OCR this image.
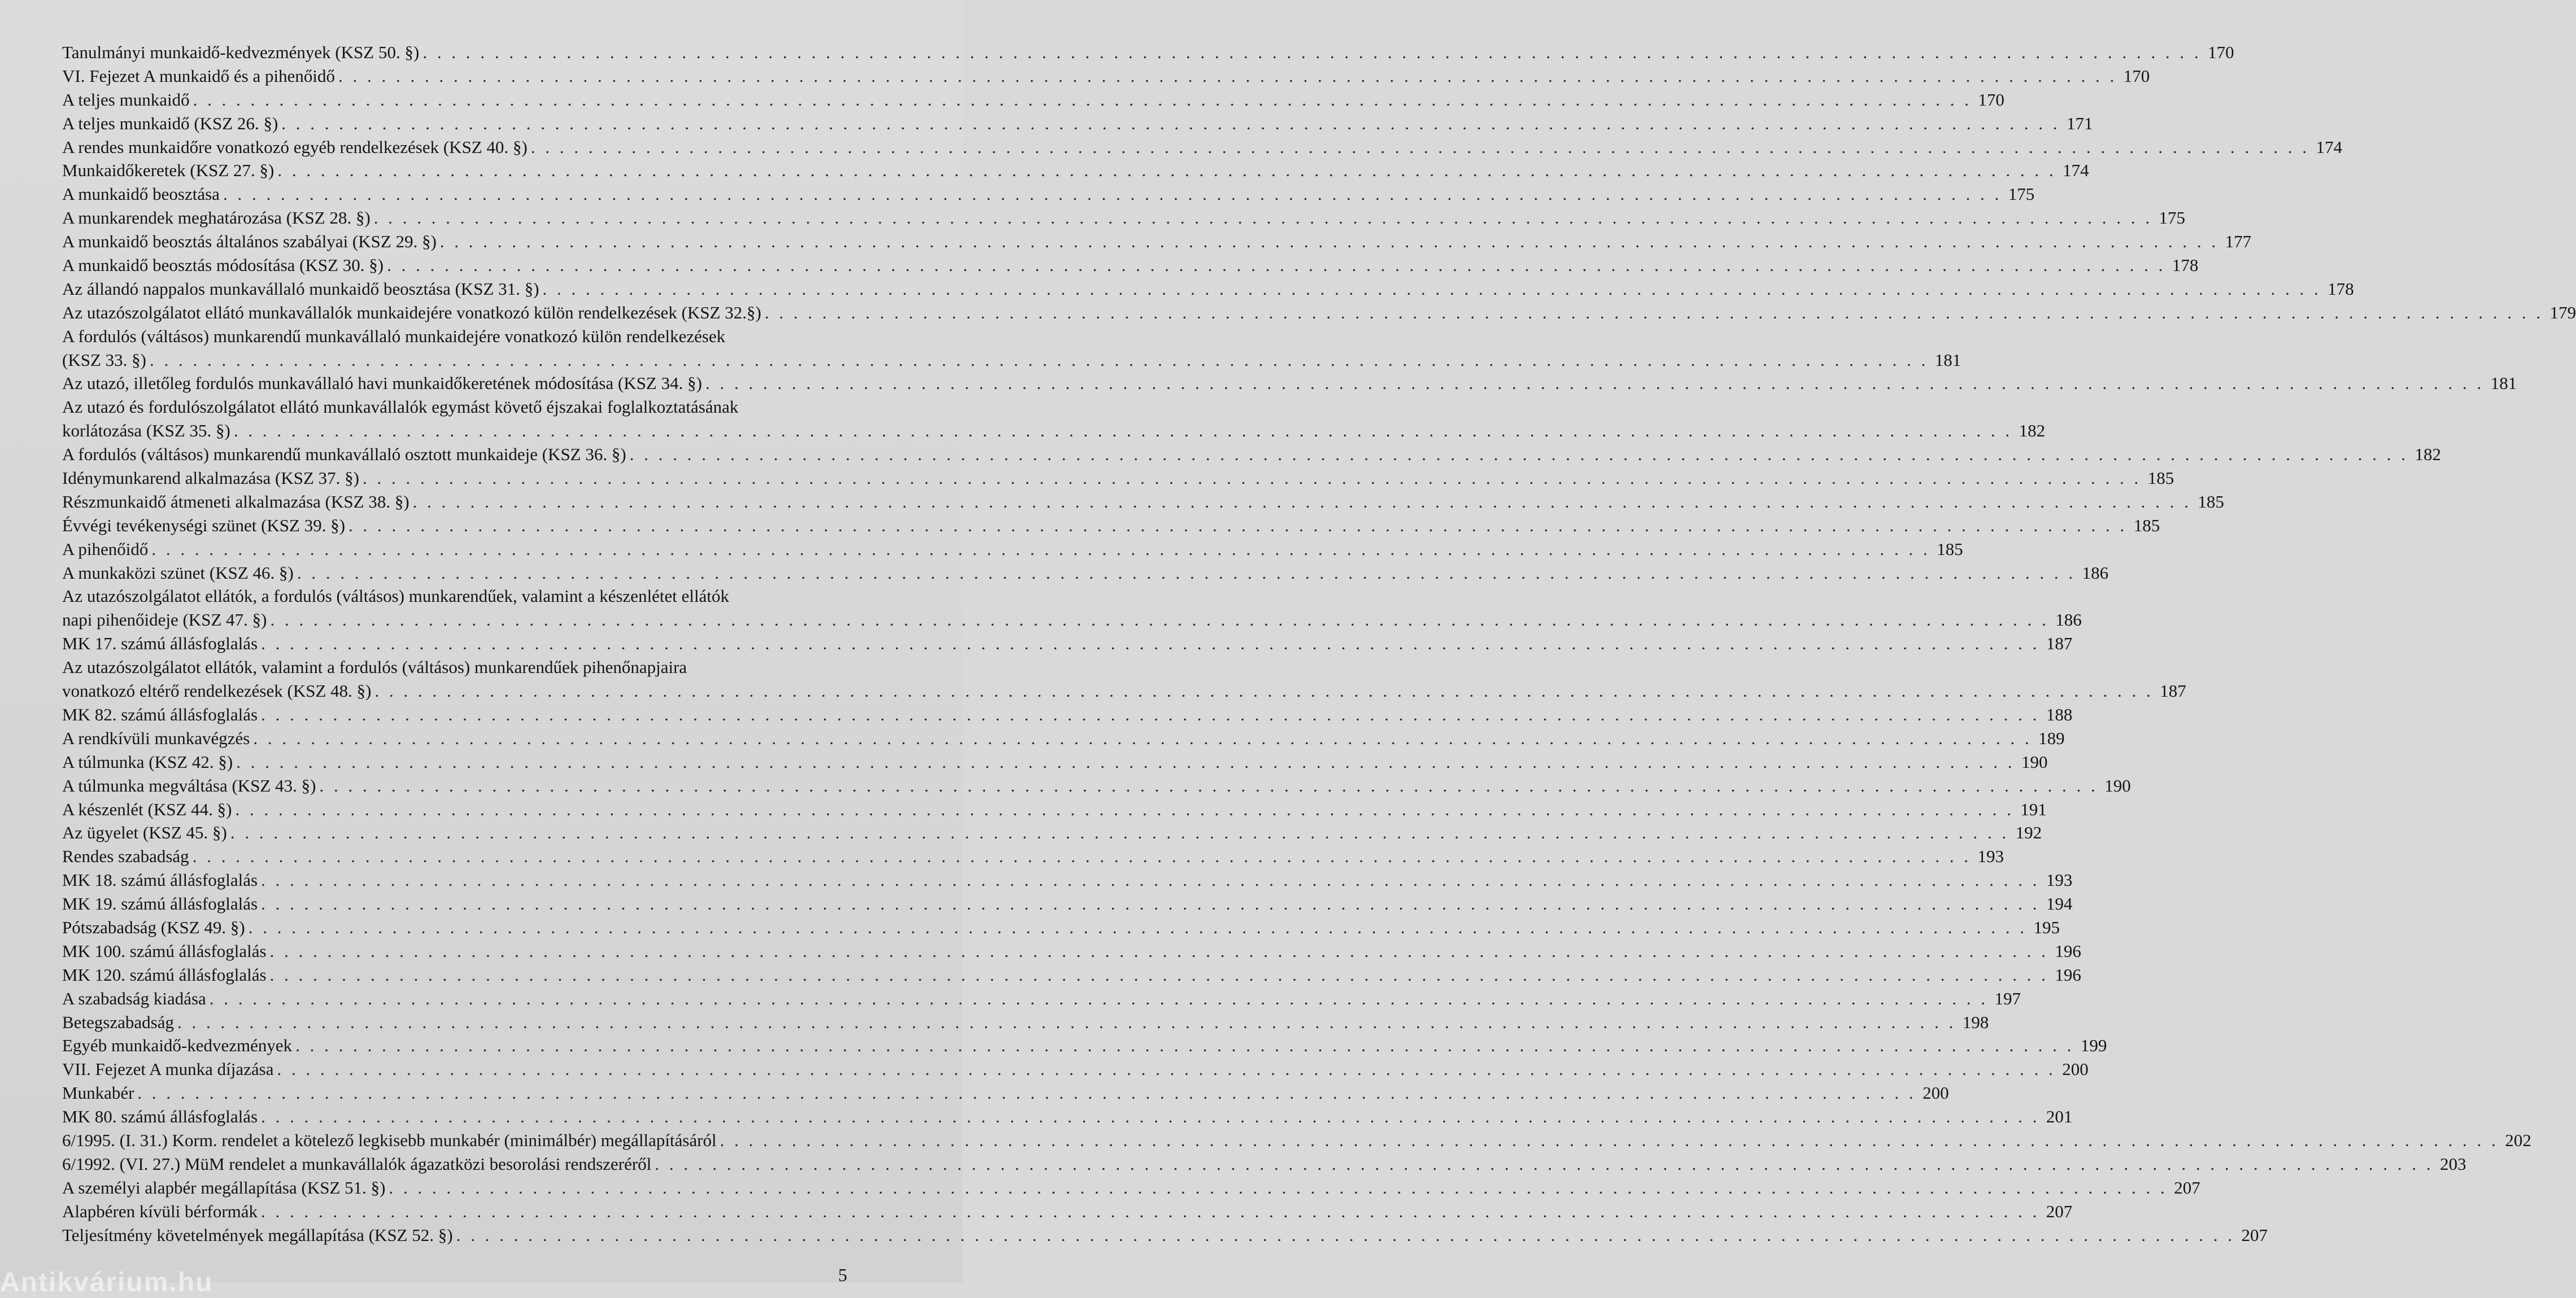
Tanulmányi munkaidő-kedvezmények (KSZ 50. §) . . .	170
VI. Fejezet A munkaidő és a pihenőidő . . .	170
A teljes munkaidő . . .	170
A teljes munkaidő (KSZ 26. §) . . .	171
A rendes munkaidőre vonatkozó egyéb rendelkezések (KSZ 40. §) . . .	174
Munkaidőkeretek (KSZ 27. §) . . .	174
A munkaidő beosztása . . .	175
A munkarendek meghatározása (KSZ 28. §) . . .	175
A munkaidő beosztás általános szabályai (KSZ 29. §) . . .	177
A munkaidő beosztás módosítása (KSZ 30. §) . . .	178
Az állandó nappalos munkavállaló munkaidő beosztása (KSZ 31. §) . . .	178
Az utazószolgálatot ellátó munkavállalók munkaidejére vonatkozó külön rendelkezések (KSZ 32.§) . . .	179
A fordulós (váltásos) munkarendű munkavállaló munkaidejére vonatkozó külön rendelkezések
(KSZ 33. §) . . .	181
Az utazó, illetőleg fordulós munkavállaló havi munkaidőkeretének módosítása (KSZ 34. §) . . .	181
Az utazó és fordulószolgálatot ellátó munkavállalók egymást követő éjszakai foglalkoztatásának
korlátozása (KSZ 35. §) . . .	182
A fordulós (váltásos) munkarendű munkavállaló osztott munkaideje (KSZ 36. §) . . .	182
Idénymunkarend alkalmazása (KSZ 37. §) . . .	185
Részmunkaidő átmeneti alkalmazása (KSZ 38. §) . . .	185
Évvégi tevékenységi szünet (KSZ 39. §) . . .	185
A pihenőidő . . .	185
A munkaközi szünet (KSZ 46. §) . . .	186
Az utazószolgálatot ellátók, a fordulós (váltásos) munkarendűek, valamint a készenlétet ellátók
napi pihenőideje (KSZ 47. §) . . .	186
MK 17. számú állásfoglalás . . .	187
Az utazószolgálatot ellátók, valamint a fordulós (váltásos) munkarendűek pihenőnapjaira
vonatkozó eltérő rendelkezések (KSZ 48. §) . . .	187
MK 82. számú állásfoglalás . . .	188
A rendkívüli munkavégzés . . .	189
A túlmunka (KSZ 42. §) . . .	190
A túlmunka megváltása (KSZ 43. §) . . .	190
A készenlét (KSZ 44. §) . . .	191
Az ügyelet (KSZ 45. §) . . .	192
Rendes szabadság . . .	193
MK 18. számú állásfoglalás . . .	193
MK 19. számú állásfoglalás . . .	194
Pótszabadság (KSZ 49. §) . . .	195
MK 100. számú állásfoglalás . . .	196
MK 120. számú állásfoglalás . . .	196
A szabadság kiadása . . .	197
Betegszabadság . . .	198
Egyéb munkaidő-kedvezmények . . .	199
VII. Fejezet A munka díjazása . . .	200
Munkabér . . .	200
MK 80. számú állásfoglalás . . .	201
6/1995. (I. 31.) Korm. rendelet a kötelező legkisebb munkabér (minimálbér) megállapításáról . . .	202
6/1992. (VI. 27.) MüM rendelet a munkavállalók ágazatközi besorolási rendszeréről . . .	203
A személyi alapbér megállapítása (KSZ 51. §) . . .	207
Alapbéren kívüli bérformák . . .	207
Teljesítmény követelmények megállapítása (KSZ 52. §) . . .	207
5
Antikvárium.hu
